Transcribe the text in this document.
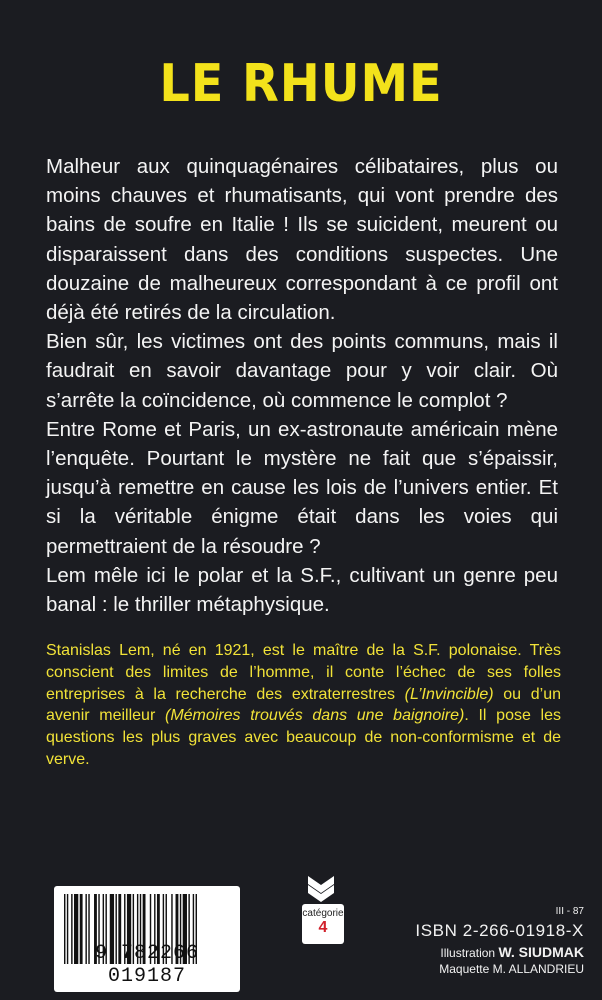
LE RHUME

Malheur aux quinquagénaires célibataires, plus ou moins chauves et rhumatisants, qui vont prendre des bains de soufre en Italie ! Ils se suicident, meurent ou disparaissent dans des conditions suspectes. Une douzaine de malheureux correspondant à ce profil ont déjà été retirés de la circulation.

Bien sûr, les victimes ont des points communs, mais il faudrait en savoir davantage pour y voir clair. Où s’arrête la coïncidence, où commence le complot ?

Entre Rome et Paris, un ex-astronaute américain mène l’enquête. Pourtant le mystère ne fait que s’épaissir, jusqu’à remettre en cause les lois de l’univers entier. Et si la véritable énigme était dans les voies qui permettraient de la résoudre ?

Lem mêle ici le polar et la S.F., cultivant un genre peu banal : le thriller métaphysique.

Stanislas Lem, né en 1921, est le maître de la S.F. polonaise. Très conscient des limites de l’homme, il conte l’échec de ses folles entreprises à la recherche des extraterrestres (L’Invincible) ou d’un avenir meilleur (Mémoires trouvés dans une baignoire). Il pose les questions les plus graves avec beaucoup de non-conformisme et de verve.
9 782266 019187
catégorie
4
III - 87
ISBN 2-266-01918-X
Illustration W. SIUDMAK
Maquette M. ALLANDRIEU
